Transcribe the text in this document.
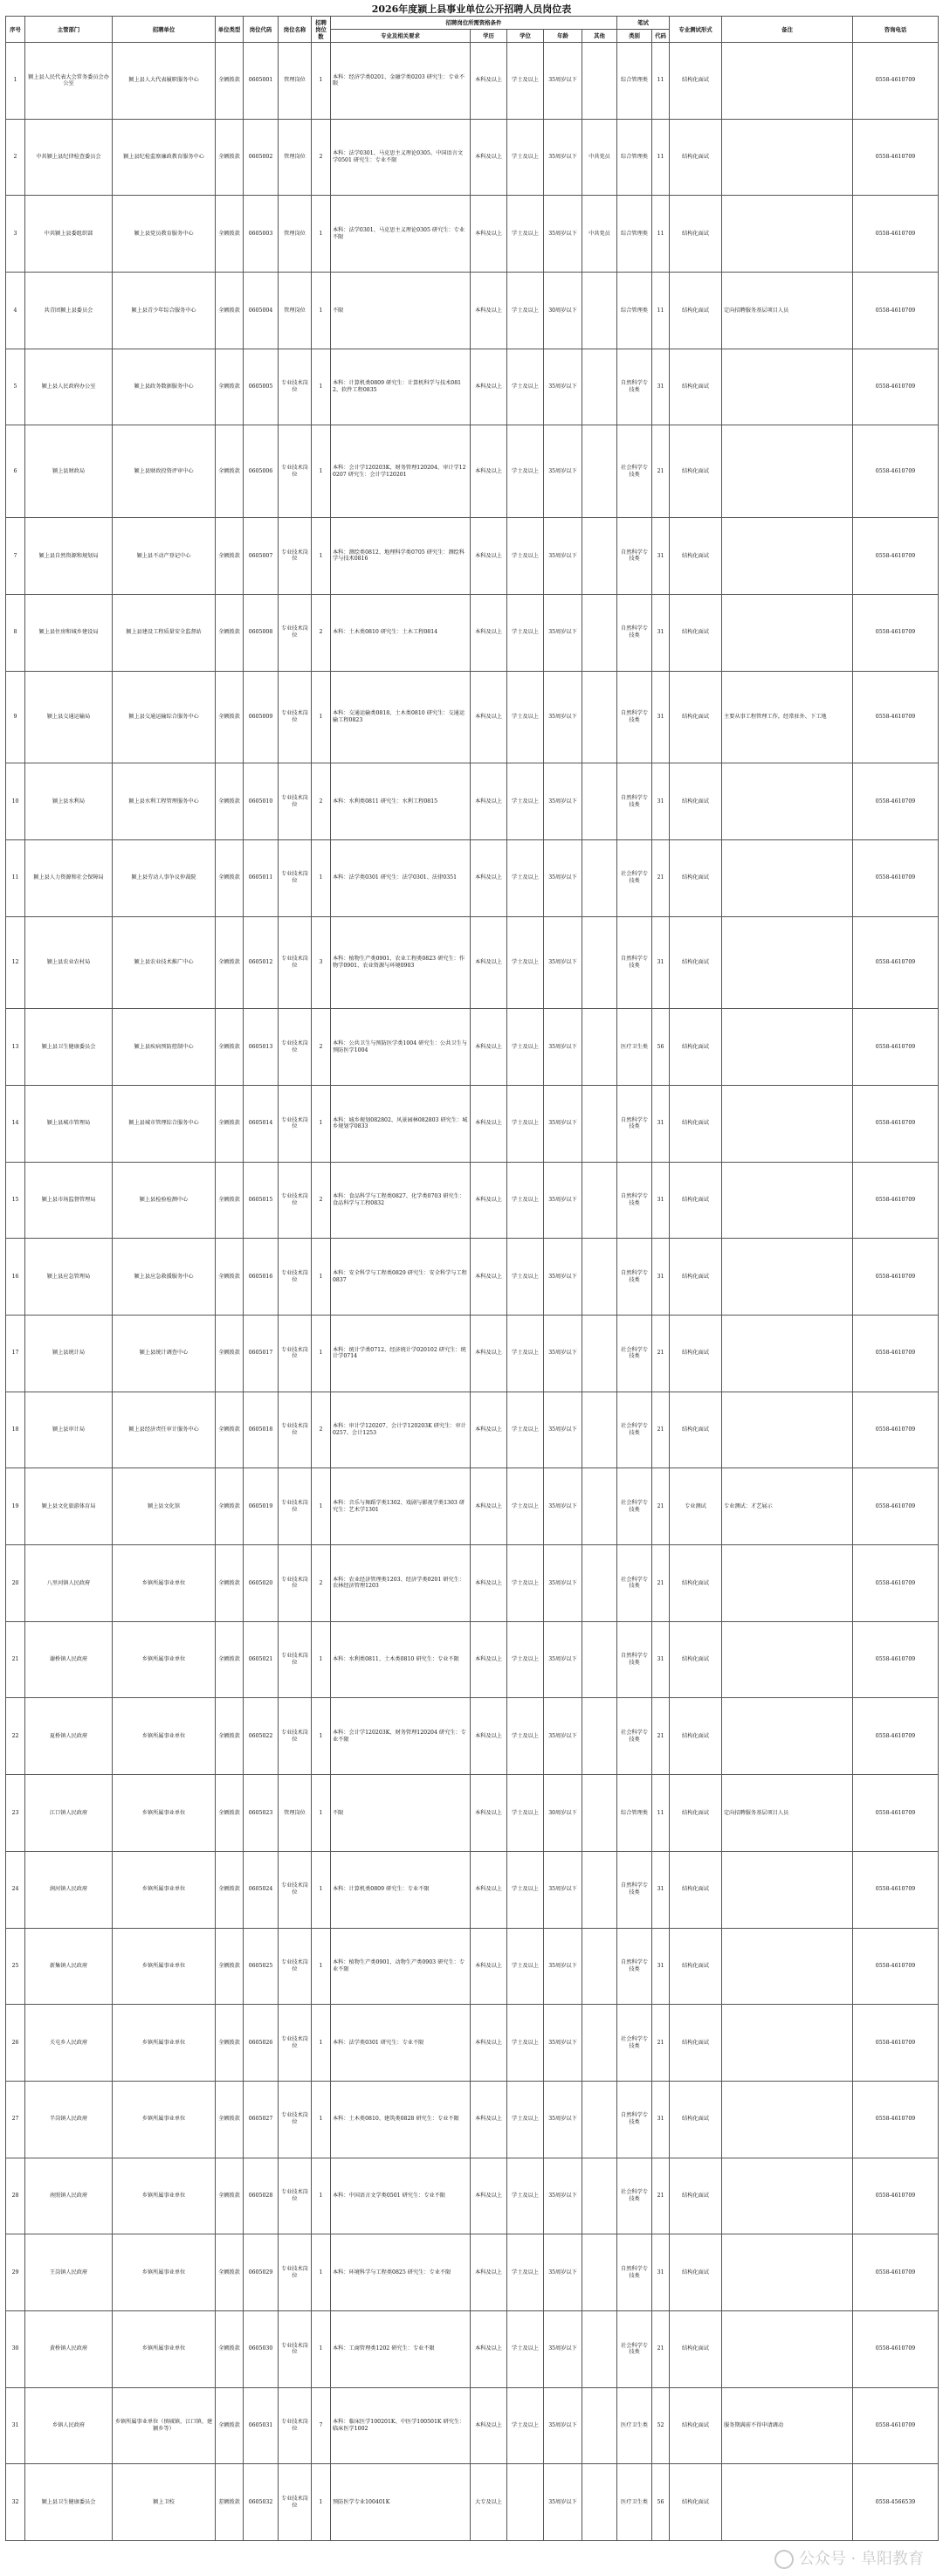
2026年度颍上县事业单位公开招聘人员岗位表
序号	主管部门	招聘单位	单位类型	岗位代码	岗位名称	招聘岗位数	招聘岗位所需资格条件					笔试		专业测试形式	备注	咨询电话
							专业及相关要求	学历	学位	年龄	其他	类别	代码			
1	颍上县人民代表大会常务委员会办公室	颍上县人大代表履职服务中心	全额拨款	0605001	管理岗位	1	本科：经济学类0201、金融学类0203 研究生：专业不限	本科及以上	学士及以上	35周岁以下		综合管理类	11	结构化面试		0558-4610709
2	中共颍上县纪律检查委员会	颍上县纪检监察廉政教育服务中心	全额拨款	0605002	管理岗位	2	本科：法学0301、马克思主义理论0305、中国语言文学0501 研究生：专业不限	本科及以上	学士及以上	35周岁以下	中共党员	综合管理类	11	结构化面试		0558-4610709
3	中共颍上县委组织部	颍上县党员教育服务中心	全额拨款	0605003	管理岗位	1	本科：法学0301、马克思主义理论0305 研究生：专业不限	本科及以上	学士及以上	35周岁以下	中共党员	综合管理类	11	结构化面试		0558-4610709
4	共青团颍上县委员会	颍上县青少年综合服务中心	全额拨款	0605004	管理岗位	1	不限	本科及以上	学士及以上	30周岁以下		综合管理类	11	结构化面试	定向招聘服务基层项目人员	0558-4610709
5	颍上县人民政府办公室	颍上县政务数据服务中心	全额拨款	0605005	专业技术岗位	1	本科：计算机类0809 研究生：计算机科学与技术0812、软件工程0835	本科及以上	学士及以上	35周岁以下		自然科学专技类	31	结构化面试		0558-4610709
6	颍上县财政局	颍上县财政投资评审中心	全额拨款	0605006	专业技术岗位	1	本科：会计学120203K、财务管理120204、审计学120207 研究生：会计学120201	本科及以上	学士及以上	35周岁以下		社会科学专技类	21	结构化面试		0558-4610709
7	颍上县自然资源和规划局	颍上县不动产登记中心	全额拨款	0605007	专业技术岗位	1	本科：测绘类0812、地理科学类0705 研究生：测绘科学与技术0816	本科及以上	学士及以上	35周岁以下		自然科学专技类	31	结构化面试		0558-4610709
8	颍上县住房和城乡建设局	颍上县建设工程质量安全监督站	全额拨款	0605008	专业技术岗位	2	本科：土木类0810 研究生：土木工程0814	本科及以上	学士及以上	35周岁以下		自然科学专技类	31	结构化面试		0558-4610709
9	颍上县交通运输局	颍上县交通运输综合服务中心	全额拨款	0605009	专业技术岗位	1	本科：交通运输类0818、土木类0810 研究生：交通运输工程0823	本科及以上	学士及以上	35周岁以下		自然科学专技类	31	结构化面试	主要从事工程管理工作，经常驻外、下工地	0558-4610709
10	颍上县水利局	颍上县水利工程管理服务中心	全额拨款	0605010	专业技术岗位	2	本科：水利类0811 研究生：水利工程0815	本科及以上	学士及以上	35周岁以下		自然科学专技类	31	结构化面试		0558-4610709
11	颍上县人力资源和社会保障局	颍上县劳动人事争议仲裁院	全额拨款	0605011	专业技术岗位	1	本科：法学类0301 研究生：法学0301、法律0351	本科及以上	学士及以上	35周岁以下		社会科学专技类	21	结构化面试		0558-4610709
12	颍上县农业农村局	颍上县农业技术推广中心	全额拨款	0605012	专业技术岗位	3	本科：植物生产类0901、农业工程类0823 研究生：作物学0901、农业资源与环境0903	本科及以上	学士及以上	35周岁以下		自然科学专技类	31	结构化面试		0558-4610709
13	颍上县卫生健康委员会	颍上县疾病预防控制中心	全额拨款	0605013	专业技术岗位	2	本科：公共卫生与预防医学类1004 研究生：公共卫生与预防医学1004	本科及以上	学士及以上	35周岁以下		医疗卫生类	56	结构化面试		0558-4610709
14	颍上县城市管理局	颍上县城市管理综合服务中心	全额拨款	0605014	专业技术岗位	1	本科：城乡规划082802、风景园林082803 研究生：城乡规划学0833	本科及以上	学士及以上	35周岁以下		自然科学专技类	31	结构化面试		0558-4610709
15	颍上县市场监督管理局	颍上县检验检测中心	全额拨款	0605015	专业技术岗位	2	本科：食品科学与工程类0827、化学类0703 研究生：食品科学与工程0832	本科及以上	学士及以上	35周岁以下		自然科学专技类	31	结构化面试		0558-4610709
16	颍上县应急管理局	颍上县应急救援服务中心	全额拨款	0605016	专业技术岗位	1	本科：安全科学与工程类0829 研究生：安全科学与工程0837	本科及以上	学士及以上	35周岁以下		自然科学专技类	31	结构化面试		0558-4610709
17	颍上县统计局	颍上县统计调查中心	全额拨款	0605017	专业技术岗位	1	本科：统计学类0712、经济统计学020102 研究生：统计学0714	本科及以上	学士及以上	35周岁以下		社会科学专技类	21	结构化面试		0558-4610709
18	颍上县审计局	颍上县经济责任审计服务中心	全额拨款	0605018	专业技术岗位	2	本科：审计学120207、会计学120203K 研究生：审计0257、会计1253	本科及以上	学士及以上	35周岁以下		社会科学专技类	21	结构化面试		0558-4610709
19	颍上县文化旅游体育局	颍上县文化馆	全额拨款	0605019	专业技术岗位	1	本科：音乐与舞蹈学类1302、戏剧与影视学类1303 研究生：艺术学1301	本科及以上	学士及以上	35周岁以下		社会科学专技类	21	专业测试	专业测试：才艺展示	0558-4610709
20	八里河镇人民政府	乡镇所属事业单位	全额拨款	0605020	专业技术岗位	2	本科：农业经济管理类1203、经济学类0201 研究生：农林经济管理1203	本科及以上	学士及以上	35周岁以下		社会科学专技类	21	结构化面试		0558-4610709
21	谢桥镇人民政府	乡镇所属事业单位	全额拨款	0605021	专业技术岗位	1	本科：水利类0811、土木类0810 研究生：专业不限	本科及以上	学士及以上	35周岁以下		自然科学专技类	31	结构化面试		0558-4610709
22	夏桥镇人民政府	乡镇所属事业单位	全额拨款	0605022	专业技术岗位	1	本科：会计学120203K、财务管理120204 研究生：专业不限	本科及以上	学士及以上	35周岁以下		社会科学专技类	21	结构化面试		0558-4610709
23	江口镇人民政府	乡镇所属事业单位	全额拨款	0605023	管理岗位	1	不限	本科及以上	学士及以上	30周岁以下		综合管理类	11	结构化面试	定向招聘服务基层项目人员	0558-4610709
24	润河镇人民政府	乡镇所属事业单位	全额拨款	0605024	专业技术岗位	1	本科：计算机类0809 研究生：专业不限	本科及以上	学士及以上	35周岁以下		自然科学专技类	31	结构化面试		0558-4610709
25	新集镇人民政府	乡镇所属事业单位	全额拨款	0605025	专业技术岗位	1	本科：植物生产类0901、动物生产类0903 研究生：专业不限	本科及以上	学士及以上	35周岁以下		自然科学专技类	31	结构化面试		0558-4610709
26	关屯乡人民政府	乡镇所属事业单位	全额拨款	0605026	专业技术岗位	1	本科：法学类0301 研究生：专业不限	本科及以上	学士及以上	35周岁以下		社会科学专技类	21	结构化面试		0558-4610709
27	半岗镇人民政府	乡镇所属事业单位	全额拨款	0605027	专业技术岗位	1	本科：土木类0810、建筑类0828 研究生：专业不限	本科及以上	学士及以上	35周岁以下		自然科学专技类	31	结构化面试		0558-4610709
28	南照镇人民政府	乡镇所属事业单位	全额拨款	0605028	专业技术岗位	1	本科：中国语言文学类0501 研究生：专业不限	本科及以上	学士及以上	35周岁以下		社会科学专技类	21	结构化面试		0558-4610709
29	王岗镇人民政府	乡镇所属事业单位	全额拨款	0605029	专业技术岗位	1	本科：环境科学与工程类0825 研究生：专业不限	本科及以上	学士及以上	35周岁以下		自然科学专技类	31	结构化面试		0558-4610709
30	黄桥镇人民政府	乡镇所属事业单位	全额拨款	0605030	专业技术岗位	1	本科：工商管理类1202 研究生：专业不限	本科及以上	学士及以上	35周岁以下		社会科学专技类	21	结构化面试		0558-4610709
31	乡镇人民政府	乡镇所属事业单位（慎城镇、江口镇、建颍乡等）	全额拨款	0605031	专业技术岗位	7	本科：临床医学100201K、中医学100501K 研究生：临床医学1002	本科及以上	学士及以上	35周岁以下		医疗卫生类	52	结构化面试	服务期满前不得申请调动	0558-4610709
32	颍上县卫生健康委员会	颍上卫校	差额拨款	0605032	专业技术岗位	1	预防医学专业100401K	大专及以上		35周岁以下		医疗卫生类	56	结构化面试		0558-4566539
公众号 · 阜阳教育
